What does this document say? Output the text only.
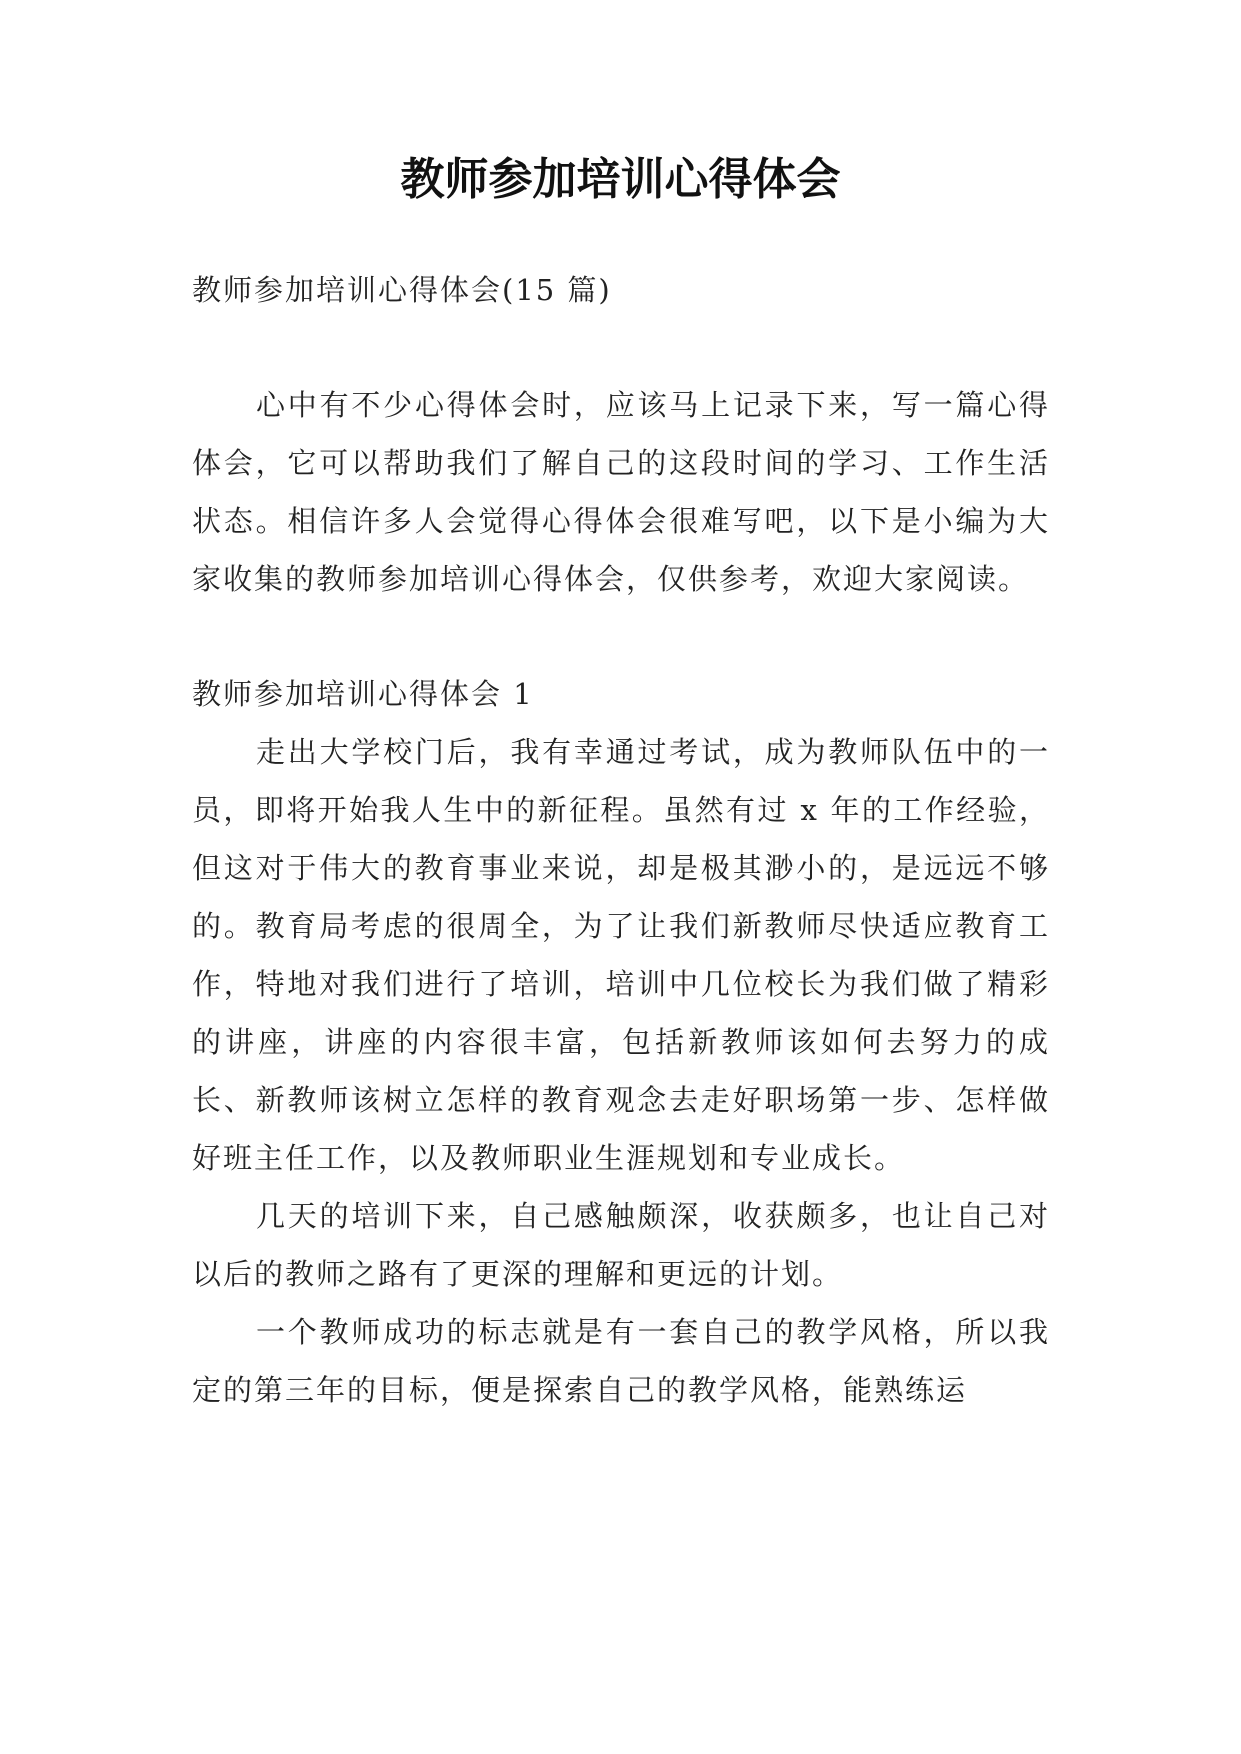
教师参加培训心得体会

教师参加培训心得体会(15 篇)

心中有不少心得体会时，应该马上记录下来，写一篇心得体会，它可以帮助我们了解自己的这段时间的学习、工作生活状态。相信许多人会觉得心得体会很难写吧，以下是小编为大家收集的教师参加培训心得体会，仅供参考，欢迎大家阅读。

教师参加培训心得体会 1

走出大学校门后，我有幸通过考试，成为教师队伍中的一员，即将开始我人生中的新征程。虽然有过 x 年的工作经验，但这对于伟大的教育事业来说，却是极其渺小的，是远远不够的。教育局考虑的很周全，为了让我们新教师尽快适应教育工作，特地对我们进行了培训，培训中几位校长为我们做了精彩的讲座，讲座的内容很丰富，包括新教师该如何去努力的成长、新教师该树立怎样的教育观念去走好职场第一步、怎样做好班主任工作，以及教师职业生涯规划和专业成长。

几天的培训下来，自己感触颇深，收获颇多，也让自己对以后的教师之路有了更深的理解和更远的计划。

一个教师成功的标志就是有一套自己的教学风格，所以我定的第三年的目标，便是探索自己的教学风格，能熟练运
